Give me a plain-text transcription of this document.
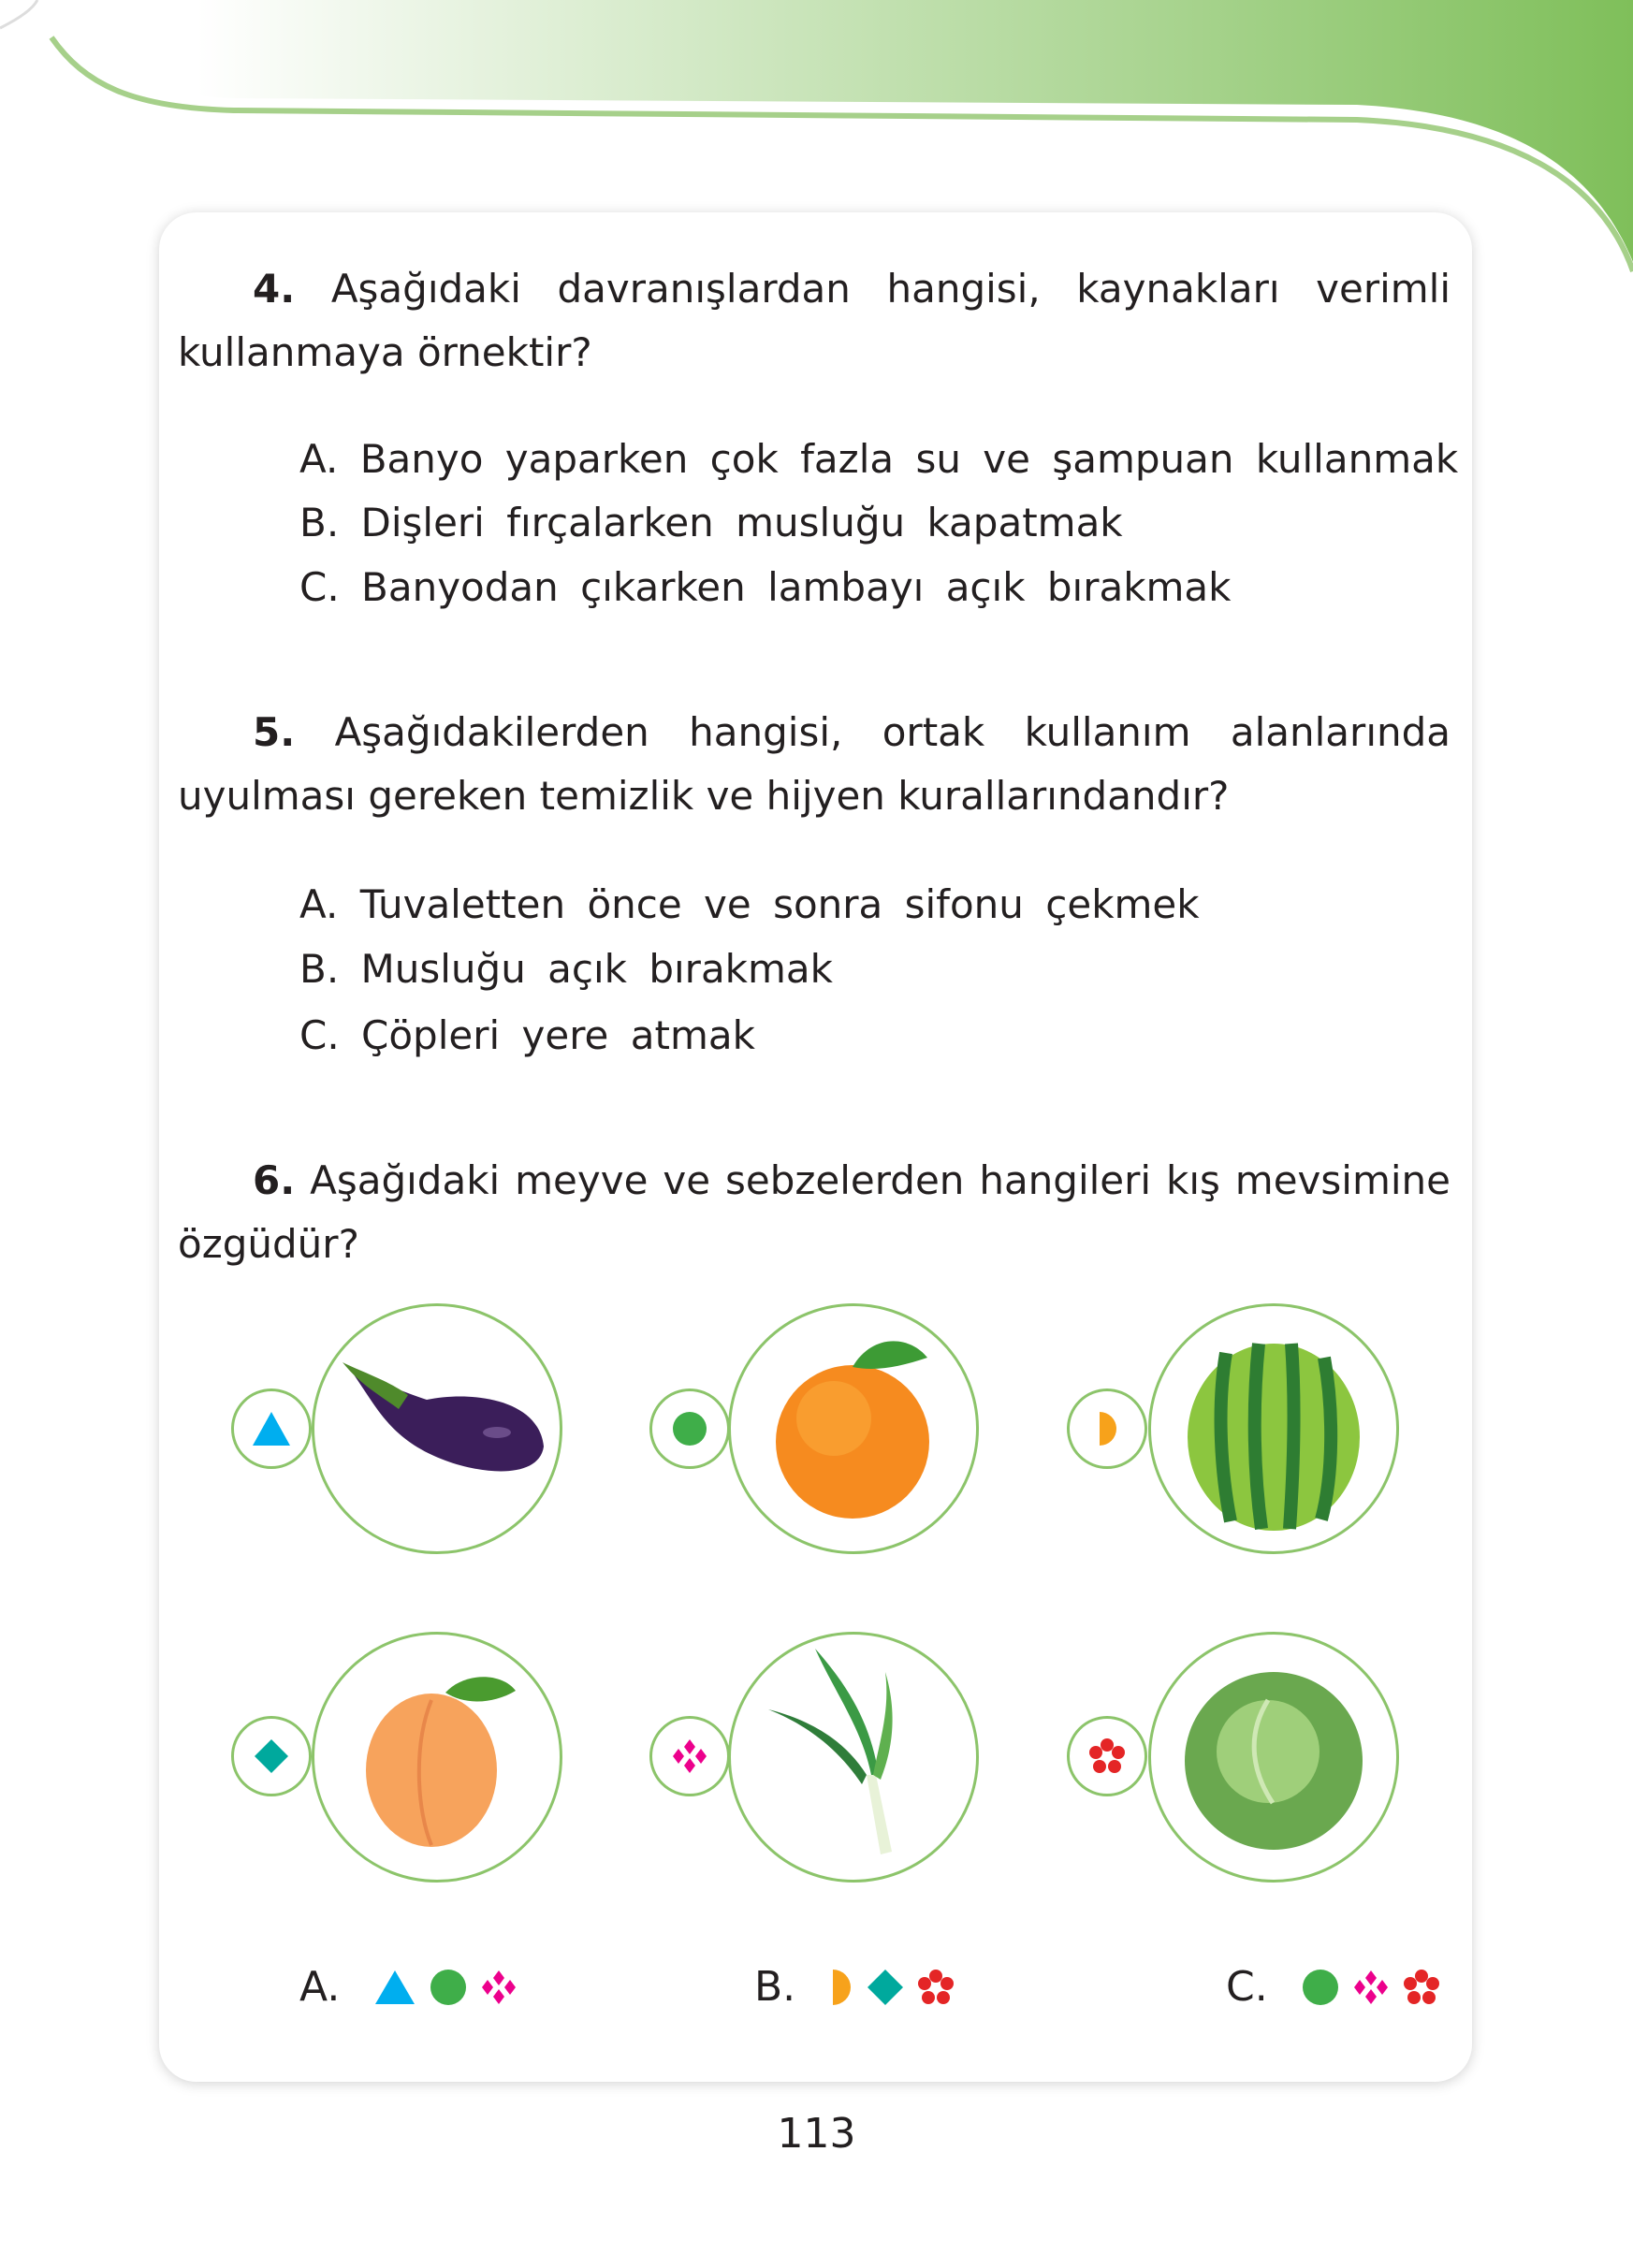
4. Aşağıdaki davranışlardan hangisi, kaynakları verimli kullanmaya örnektir?
A. Banyo yaparken çok fazla su ve şampuan kullanmak
B. Dişleri fırçalarken musluğu kapatmak
C. Banyodan çıkarken lambayı açık bırakmak
5. Aşağıdakilerden hangisi, ortak kullanım alanlarında uyulması gereken temizlik ve hijyen kurallarındandır?
A. Tuvaletten önce ve sonra sifonu çekmek
B. Musluğu açık bırakmak
C. Çöpleri yere atmak
6. Aşağıdaki meyve ve sebzelerden hangileri kış mevsimine özgüdür?
A.	B.	C.
113
